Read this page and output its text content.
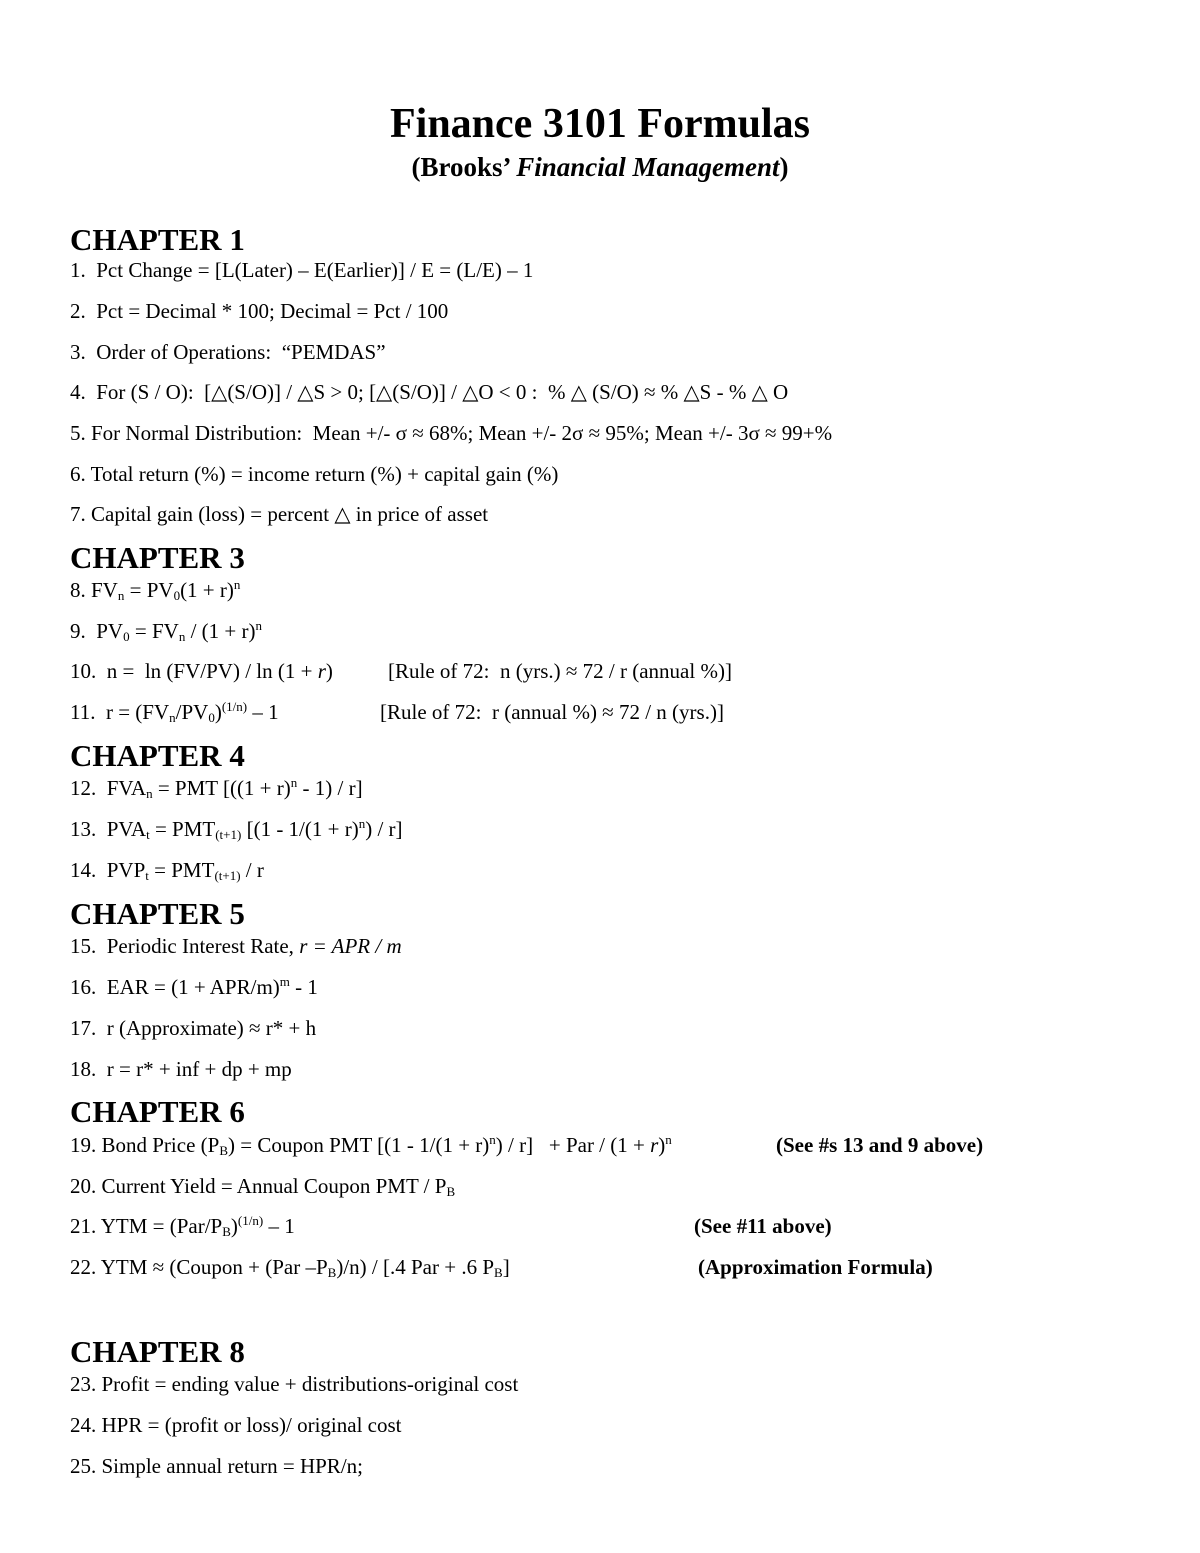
Finance 3101 Formulas
(Brooks’ Financial Management)
CHAPTER 1
1.  Pct Change = [L(Later) – E(Earlier)] / E = (L/E) – 1
2.  Pct = Decimal * 100; Decimal = Pct / 100
3.  Order of Operations:  “PEMDAS”
4.  For (S / O):  [△(S/O)] / △S > 0; [△(S/O)] / △O < 0 :  % △ (S/O) ≈ % △S - % △ O
5. For Normal Distribution:  Mean +/- σ ≈ 68%; Mean +/- 2σ ≈ 95%; Mean +/- 3σ ≈ 99+%
6. Total return (%) = income return (%) + capital gain (%)
7. Capital gain (loss) = percent △ in price of asset
CHAPTER 3
8. $FV_n = PV_0(1 + r)^n$
9.  $PV_0 = FV_n / (1 + r)^n$
10.  n =  ln (FV/PV) / ln (1 + r)	[Rule of 72:  n (yrs.) ≈ 72 / r (annual %)]
11.  $r = (FV_n/PV_0)^{(1/n)} - 1$	[Rule of 72:  r (annual %) ≈ 72 / n (yrs.)]
CHAPTER 4
12.  $FVA_n$ = PMT $[((1 + r)^n - 1) / r]$
13.  $PVA_t = PMT_{(t+1)}$ $[(1 - 1/(1 + r)^n) / r]$
14.  $PVP_t = PMT_{(t+1)} / r$
CHAPTER 5
15.  Periodic Interest Rate, r = APR / m
16.  EAR = (1 + APR/$m)^m - 1$
17.  r (Approximate) ≈ r* + h
18.  r = r* + inf + dp + mp
CHAPTER 6
19. Bond Price $(P_B)$ = Coupon PMT $[(1 - 1/(1 + r)^n) / r]$   + Par / $(1 + r)^n$	(See #s 13 and 9 above)
20. Current Yield = Annual Coupon PMT / $P_B$
21. YTM = $(Par/P_B)^{(1/n)} - 1$	(See #11 above)
22. YTM ≈ (Coupon + (Par $-P_B)/n) / [.4$ Par + .6 $P_B$]	(Approximation Formula)
CHAPTER 8
23. Profit = ending value + distributions-original cost
24. HPR = (profit or loss)/ original cost
25. Simple annual return = HPR/n;
